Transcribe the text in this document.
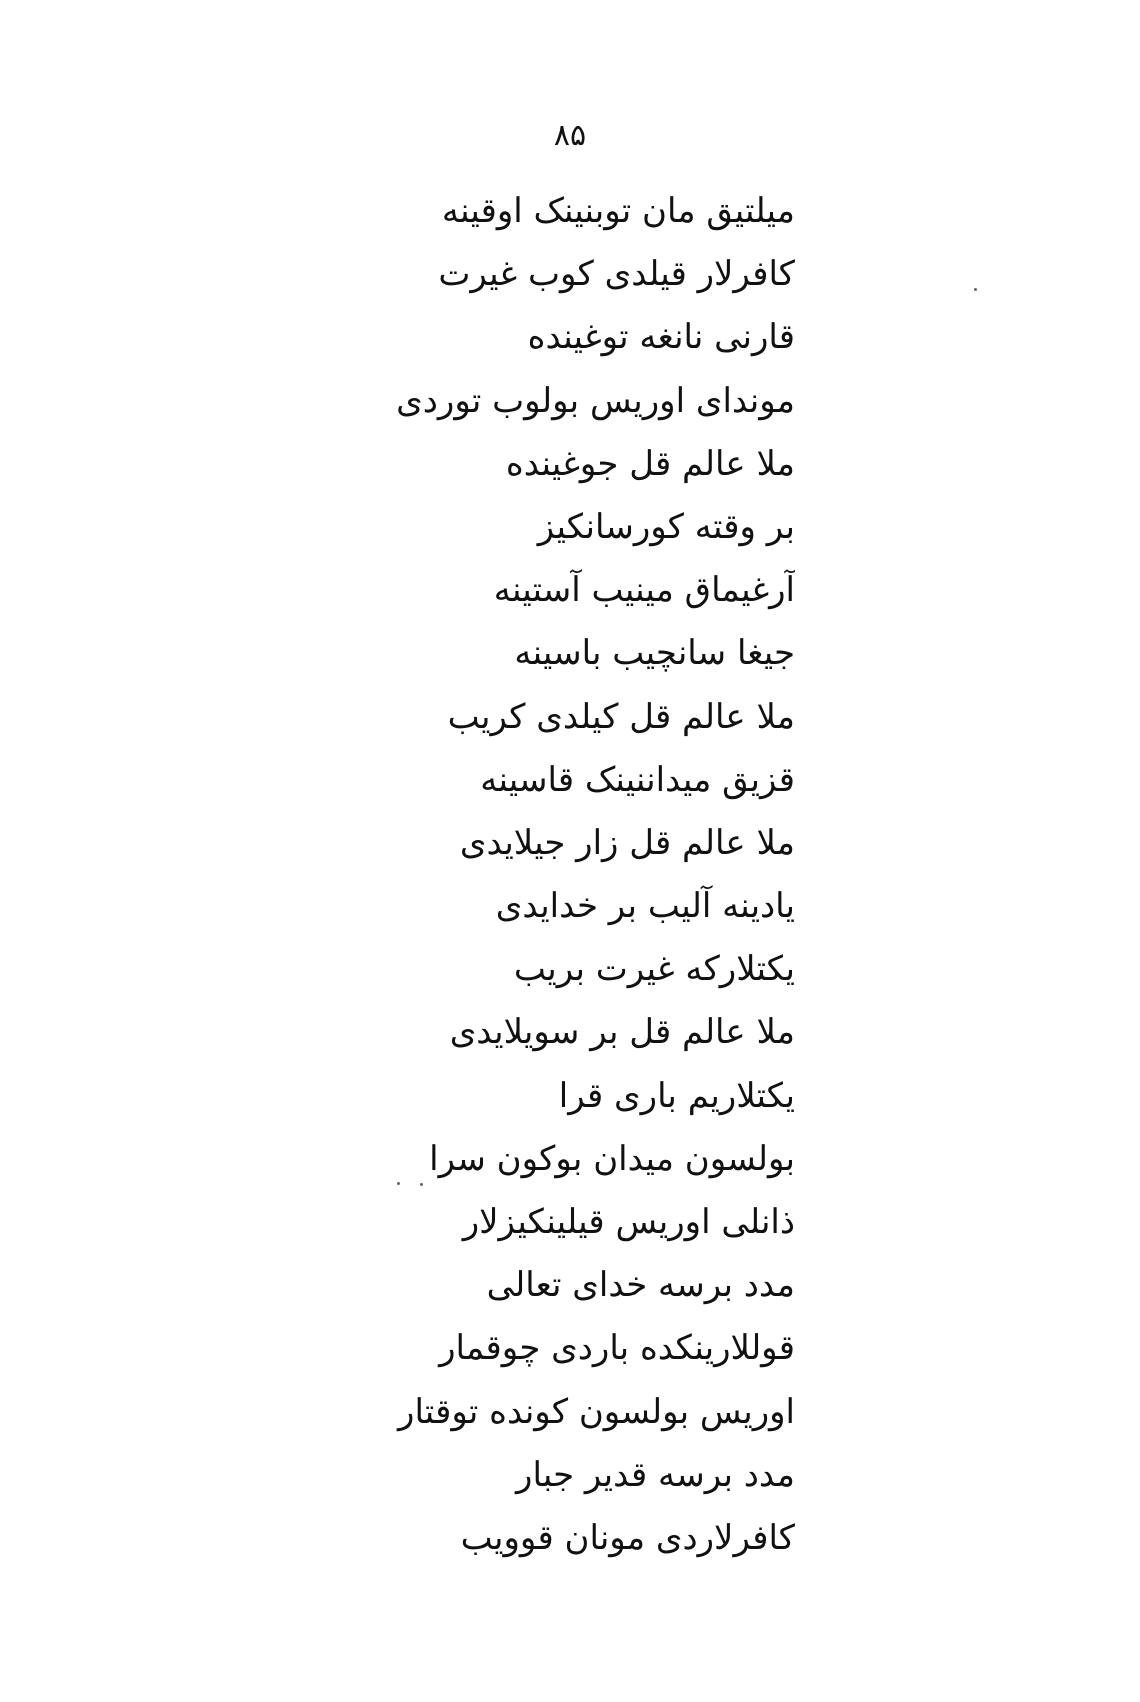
۸۵
میلتیق مان توبنینک اوقینه
کافرلار قیلدی کوب غیرت
قارنی نانغه توغینده
موندای اوریس بولوب توردی
ملا عالم قل جوغینده
بر وقته کورسانکیز
آرغیماق مینیب آستینه
جیغا سانچیب باسینه
ملا عالم قل کیلدی کریب
قزیق میداننینک قاسینه
ملا عالم قل زار جیلایدی
یادینه آلیب بر خدایدی
یکتلارکه غیرت بریب
ملا عالم قل بر سویلایدی
یکتلاریم باری قرا
بولسون میدان بوکون سرا
ذانلی اوریس قیلینکیزلار
مدد برسه خدای تعالی
قوللارینکده باردی چوقمار
اوریس بولسون کونده توقتار
مدد برسه قدیر جبار
کافرلاردی مونان قوویب
